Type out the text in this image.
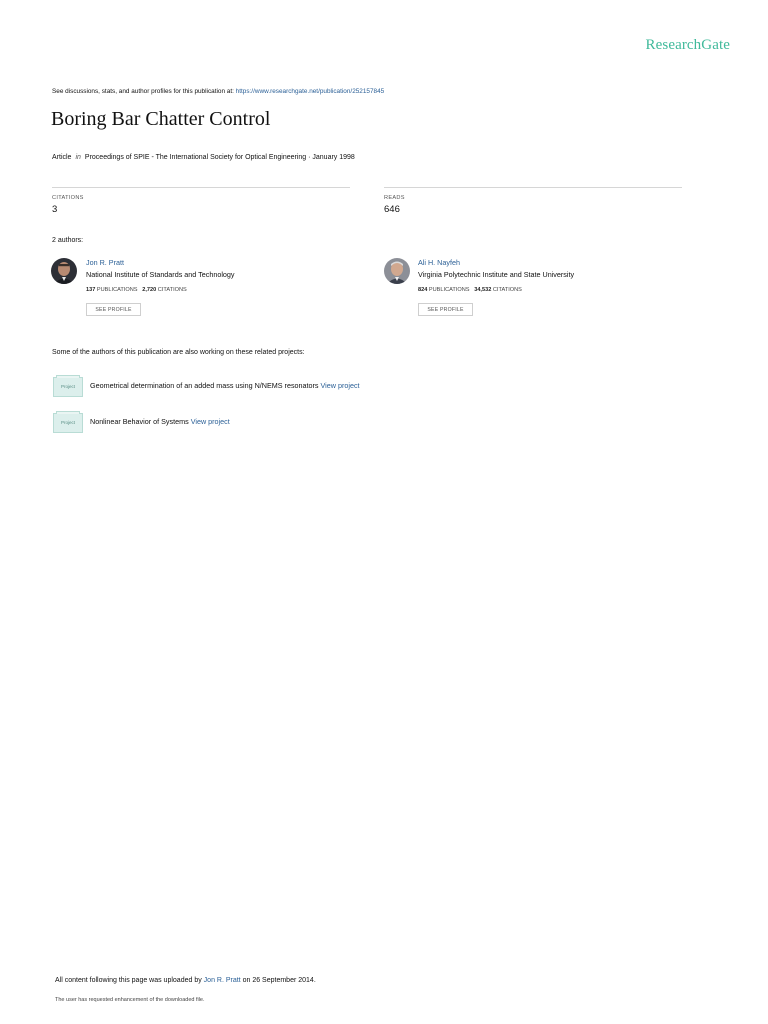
ResearchGate
See discussions, stats, and author profiles for this publication at: https://www.researchgate.net/publication/252157845
Boring Bar Chatter Control
Article in Proceedings of SPIE - The International Society for Optical Engineering · January 1998
CITATIONS
3
READS
646
2 authors:
Jon R. Pratt
National Institute of Standards and Technology
137 PUBLICATIONS 2,720 CITATIONS
SEE PROFILE
Ali H. Nayfeh
Virginia Polytechnic Institute and State University
824 PUBLICATIONS 34,532 CITATIONS
SEE PROFILE
Some of the authors of this publication are also working on these related projects:
Project	Geometrical determination of an added mass using N/NEMS resonators View project
Project	Nonlinear Behavior of Systems View project
All content following this page was uploaded by Jon R. Pratt on 26 September 2014.
The user has requested enhancement of the downloaded file.
